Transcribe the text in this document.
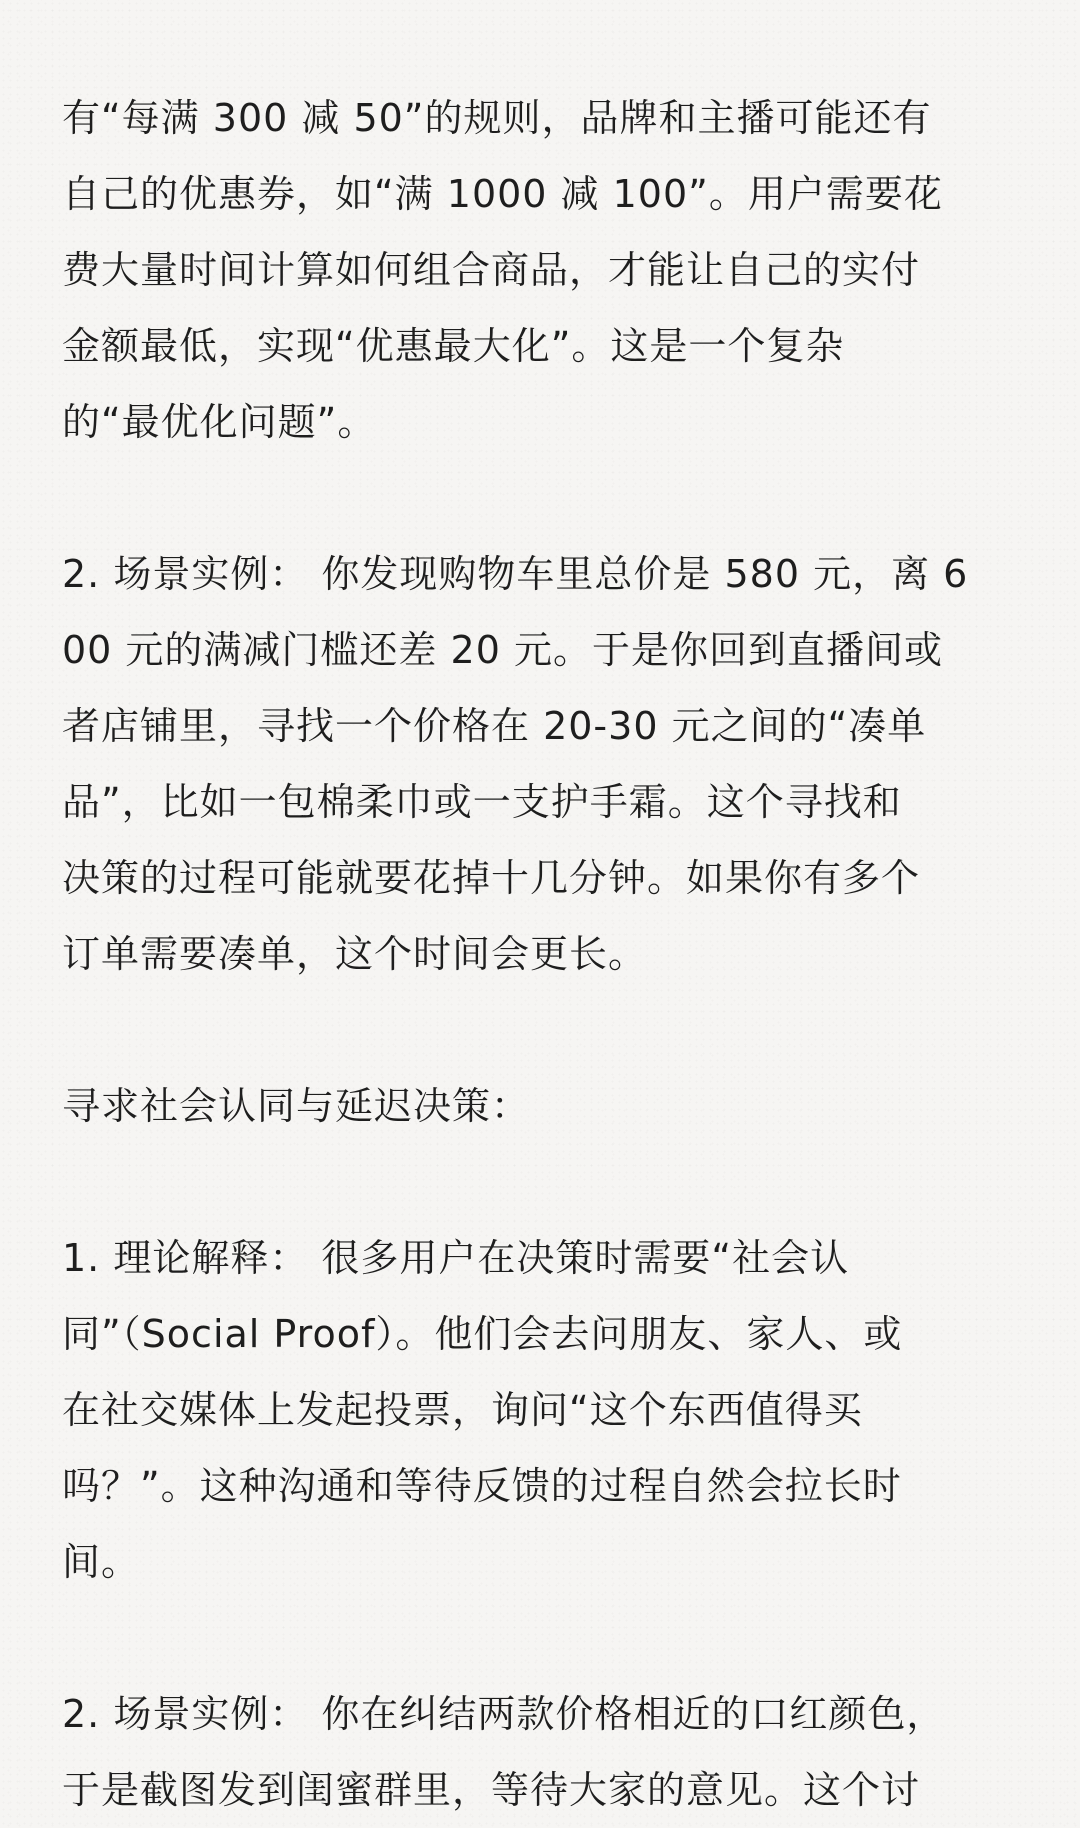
有“每满 300 减 50”的规则，品牌和主播可能还有
自己的优惠券，如“满 1000 减 100”。用户需要花
费大量时间计算如何组合商品，才能让自己的实付
金额最低，实现“优惠最大化”。这是一个复杂
的“最优化问题”。
2. 场景实例： 你发现购物车里总价是 580 元，离 6
00 元的满减门槛还差 20 元。于是你回到直播间或
者店铺里，寻找一个价格在 20-30 元之间的“凑单
品”，比如一包棉柔巾或一支护手霜。这个寻找和
决策的过程可能就要花掉十几分钟。如果你有多个
订单需要凑单，这个时间会更长。
寻求社会认同与延迟决策：
1. 理论解释： 很多用户在决策时需要“社会认
同”（Social Proof）。他们会去问朋友、家人、或
在社交媒体上发起投票，询问“这个东西值得买
吗？”。这种沟通和等待反馈的过程自然会拉长时
间。
2. 场景实例： 你在纠结两款价格相近的口红颜色，
于是截图发到闺蜜群里，等待大家的意见。这个讨
